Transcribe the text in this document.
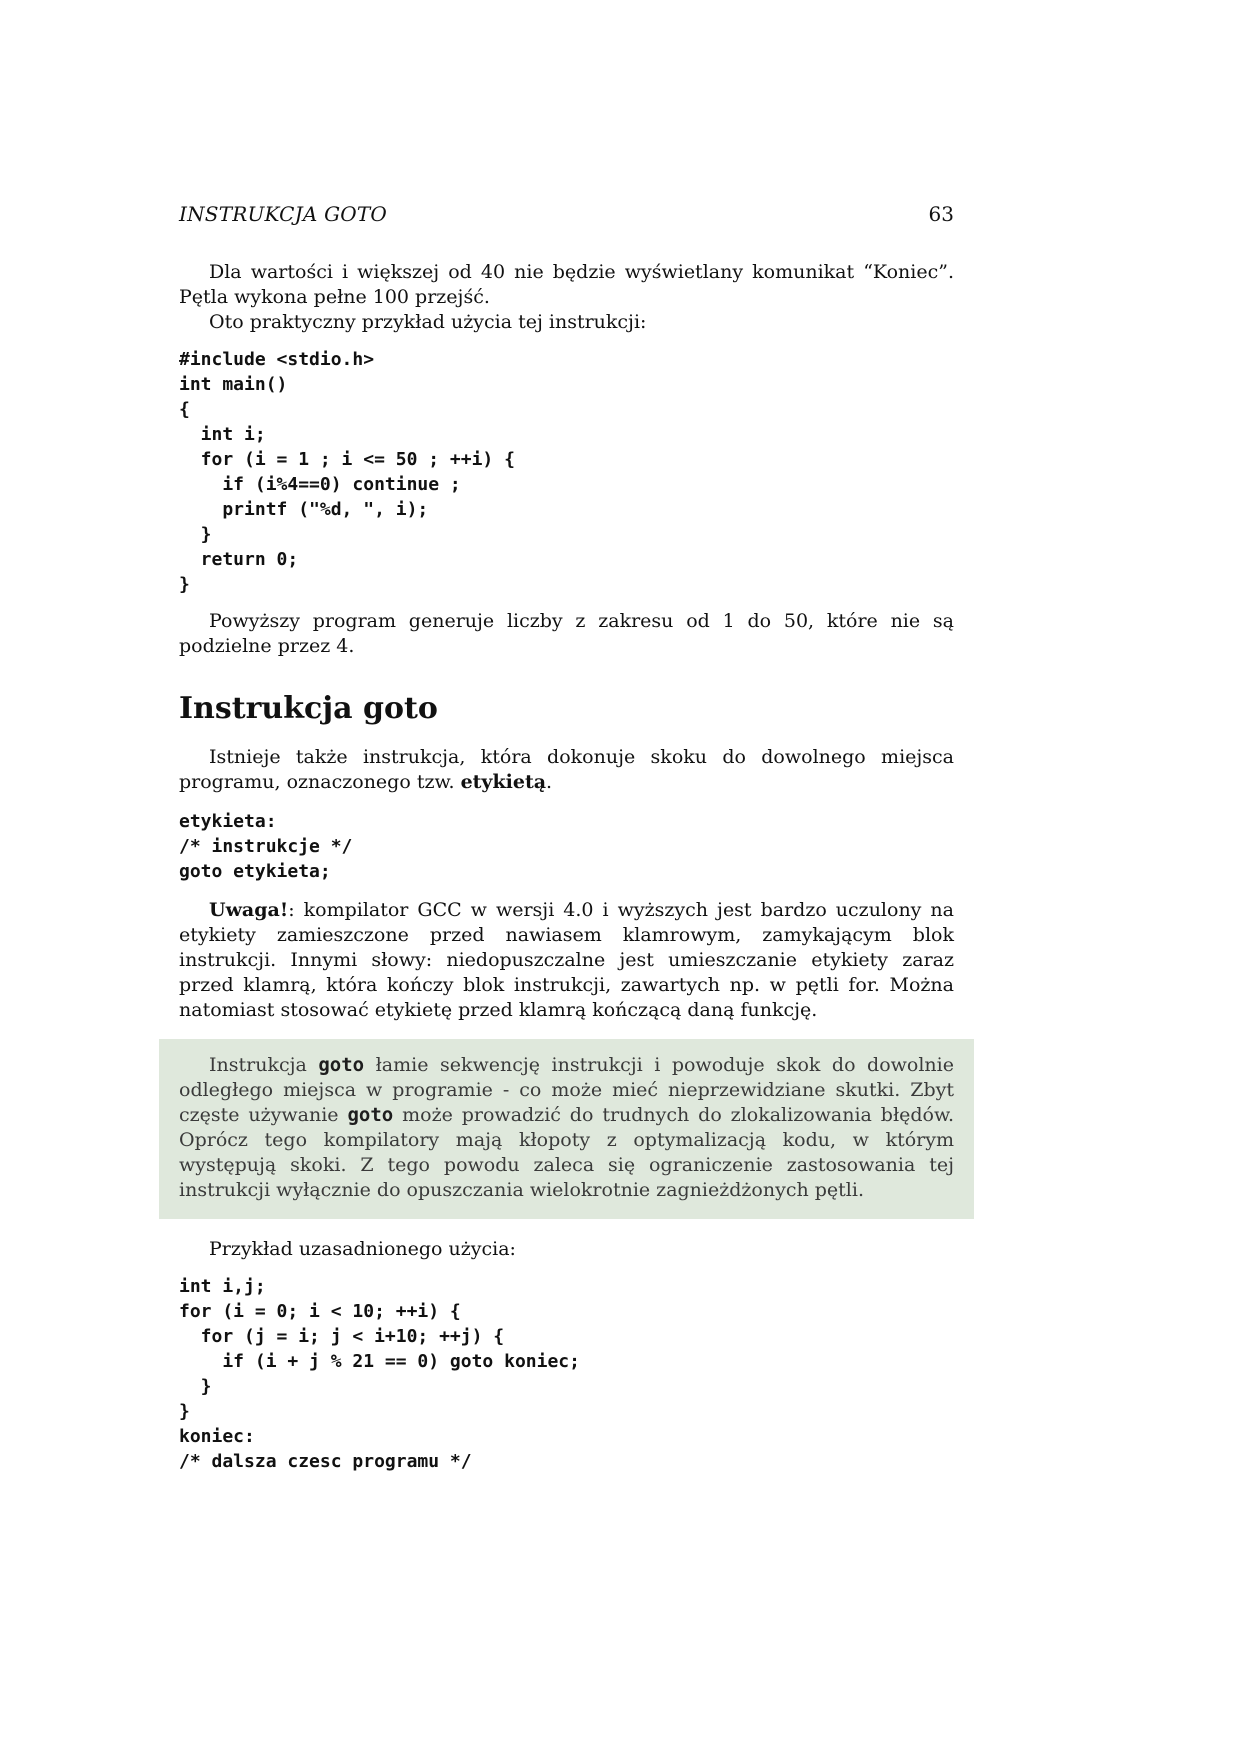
INSTRUKCJA GOTO	63

Dla wartości i większej od 40 nie będzie wyświetlany komunikat “Koniec”. Pętla wykona pełne 100 przejść.

Oto praktyczny przykład użycia tej instrukcji:

#include <stdio.h>
int main()
{
int i;
for (i = 1 ; i <= 50 ; ++i) {
if (i%4==0) continue ;
printf ("%d, ", i);
}
return 0;
}

Powyższy program generuje liczby z zakresu od 1 do 50, które nie są podzielne przez 4.

Instrukcja goto

Istnieje także instrukcja, która dokonuje skoku do dowolnego miejsca programu, oznaczonego tzw. etykietą.

etykieta:
/* instrukcje */
goto etykieta;

Uwaga!: kompilator GCC w wersji 4.0 i wyższych jest bardzo uczulony na etykiety zamieszczone przed nawiasem klamrowym, zamykającym blok instrukcji. Innymi słowy: niedopuszczalne jest umieszczanie etykiety zaraz przed klamrą, która kończy blok instrukcji, zawartych np. w pętli for. Można natomiast stosować etykietę przed klamrą kończącą daną funkcję.

Instrukcja goto łamie sekwencję instrukcji i powoduje skok do dowolnie odległego miejsca w programie - co może mieć nieprzewidziane skutki. Zbyt częste używanie goto może prowadzić do trudnych do zlokalizowania błędów. Oprócz tego kompilatory mają kłopoty z optymalizacją kodu, w którym występują skoki. Z tego powodu zaleca się ograniczenie zastosowania tej instrukcji wyłącznie do opuszczania wielokrotnie zagnieżdżonych pętli.

Przykład uzasadnionego użycia:

int i,j;
for (i = 0; i < 10; ++i) {
for (j = i; j < i+10; ++j) {
if (i + j % 21 == 0) goto koniec;
}
}
koniec:
/* dalsza czesc programu */
